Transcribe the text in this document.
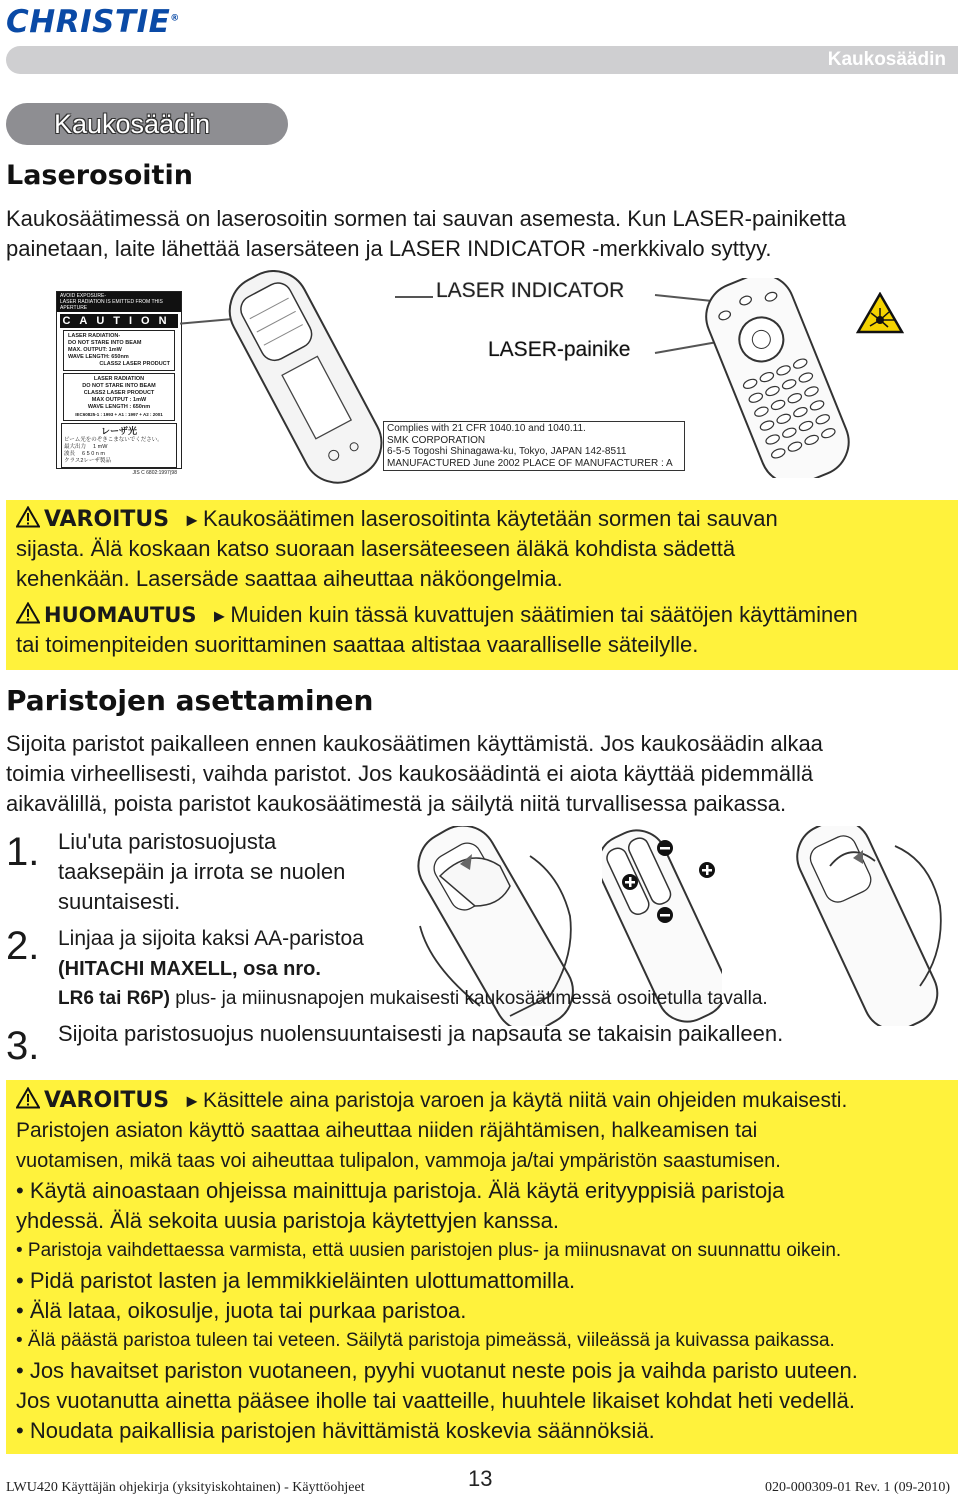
CHRISTIE®
Kaukosäädin
Kaukosäädin
Laserosoitin
Kaukosäätimessä on laserosoitin sormen tai sauvan asemesta. Kun LASER-painiketta
painetaan, laite lähettää lasersäteen ja LASER INDICATOR -merkkivalo syttyy.
AVOID EXPOSURE-
LASER RADIATION IS EMITTED FROM THIS APERTURE
CAUTION
LASER RADIATION-
DO NOT STARE INTO BEAM
MAX. OUTPUT: 1mW
WAVE LENGTH: 650nm
CLASS2 LASER PRODUCT
LASER RADIATION
DO NOT STARE INTO BEAM
CLASS2 LASER PRODUCT
MAX OUTPUT : 1mW
WAVE LENGTH : 650nm
IEC60825-1 : 1993 + A1 : 1997 + A2 : 2001
レーザ光
ビーム光をのぞきこまないでください。
最大出力　 1 mW
波長　 6 5 0 n m
クラス2レーザ製品
JIS C 6802:1997(98
LASER INDICATOR
LASER-painike
Complies with 21 CFR 1040.10 and 1040.11.
SMK CORPORATION
6-5-5 Togoshi Shinagawa-ku, Tokyo, JAPAN 142-8511
MANUFACTURED June 2002 PLACE OF MANUFACTURER : A
VAROITUS ►Kaukosäätimen laserosoitinta käytetään sormen tai sauvan
sijasta. Älä koskaan katso suoraan lasersäteeseen äläkä kohdista sädettä
kehenkään. Lasersäde saattaa aiheuttaa näköongelmia.
HUOMAUTUS ►Muiden kuin tässä kuvattujen säätimien tai säätöjen käyttäminen
tai toimenpiteiden suorittaminen saattaa altistaa vaaralliselle säteilylle.
Paristojen asettaminen
Sijoita paristot paikalleen ennen kaukosäätimen käyttämistä. Jos kaukosäädin alkaa
toimia virheellisesti, vaihda paristot. Jos kaukosäädintä ei aiota käyttää pidemmällä
aikavälillä, poista paristot kaukosäätimestä ja säilytä niitä turvallisessa paikassa.
1. Liu'uta paristosuojusta
taaksepäin ja irrota se nuolen
suuntaisesti.
2. Linjaa ja sijoita kaksi AA-paristoa
(HITACHI MAXELL, osa nro.
LR6 tai R6P) plus- ja miinusnapojen mukaisesti kaukosäätimessä osoitetulla tavalla.
3. Sijoita paristosuojus nuolensuuntaisesti ja napsauta se takaisin paikalleen.
VAROITUS ►Käsittele aina paristoja varoen ja käytä niitä vain ohjeiden mukaisesti.
Paristojen asiaton käyttö saattaa aiheuttaa niiden räjähtämisen, halkeamisen tai
vuotamisen, mikä taas voi aiheuttaa tulipalon, vammoja ja/tai ympäristön saastumisen.
• Käytä ainoastaan ohjeissa mainittuja paristoja. Älä käytä erityyppisiä paristoja
yhdessä. Älä sekoita uusia paristoja käytettyjen kanssa.
• Paristoja vaihdettaessa varmista, että uusien paristojen plus- ja miinusnavat on suunnattu oikein.
• Pidä paristot lasten ja lemmikkieläinten ulottumattomilla.
• Älä lataa, oikosulje, juota tai purkaa paristoa.
• Älä päästä paristoa tuleen tai veteen. Säilytä paristoja pimeässä, viileässä ja kuivassa paikassa.
• Jos havaitset pariston vuotaneen, pyyhi vuotanut neste pois ja vaihda paristo uuteen.
Jos vuotanutta ainetta pääsee iholle tai vaatteille, huuhtele likaiset kohdat heti vedellä.
• Noudata paikallisia paristojen hävittämistä koskevia säännöksiä.
LWU420 Käyttäjän ohjekirja (yksityiskohtainen) - Käyttöohjeet	13	020-000309-01 Rev. 1 (09-2010)
